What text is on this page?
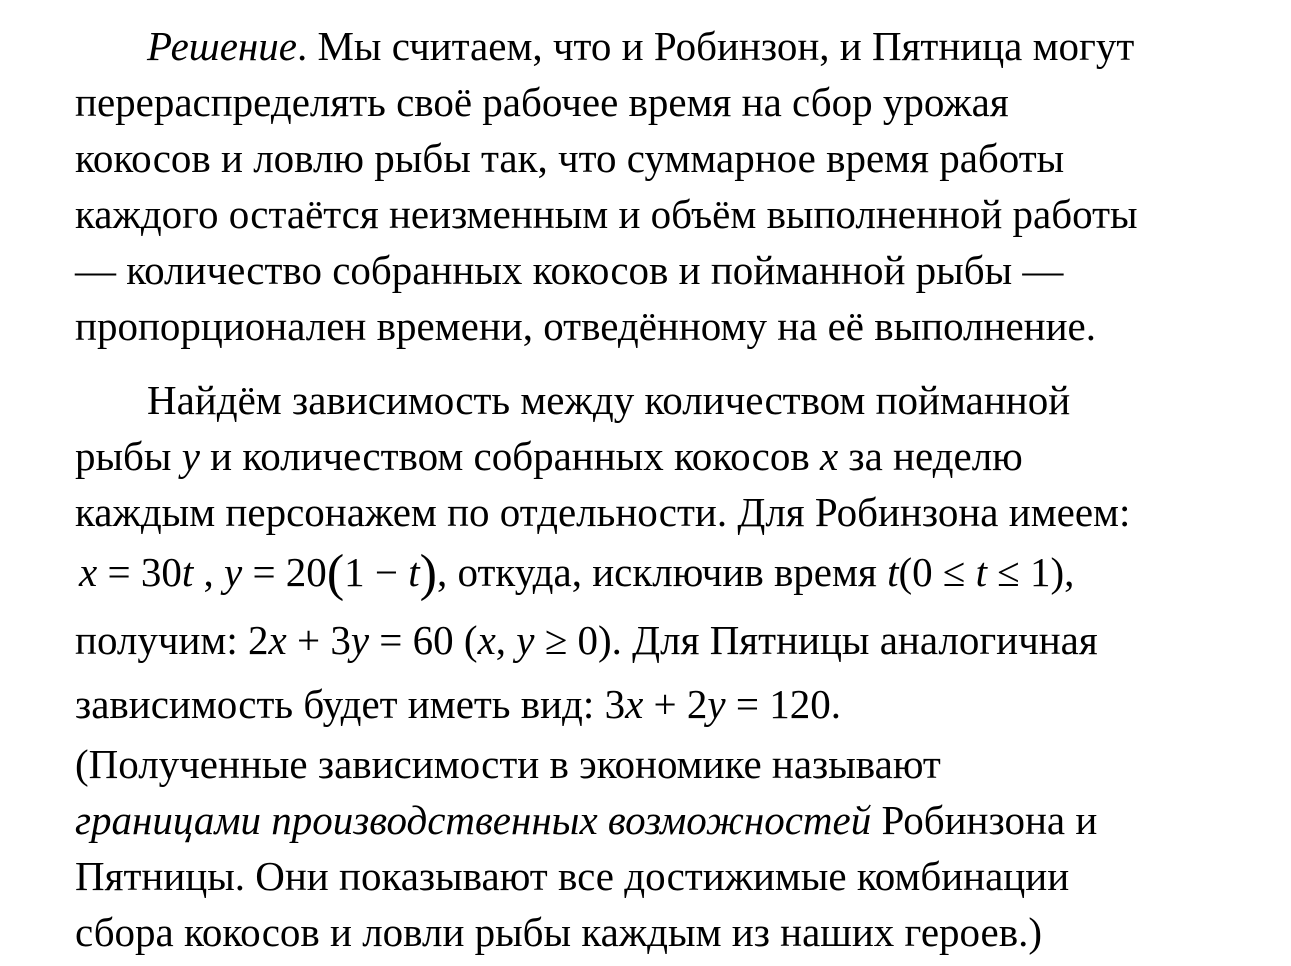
Решение. Мы считаем, что и Робинзон, и Пятница могут
перераспределять своё рабочее время на сбор урожая
кокосов и ловлю рыбы так, что суммарное время работы
каждого остаётся неизменным и объём выполненной работы
— количество собранных кокосов и пойманной рыбы —
пропорционален времени, отведённому на её выполнение.
Найдём зависимость между количеством пойманной
рыбы y и количеством собранных кокосов x за неделю
каждым персонажем по отдельности. Для Робинзона имеем:
x = 30t , y = 20(1 − t), откуда, исключив время t(0 ≤ t ≤ 1),
получим: 2x + 3y = 60 (x, y ≥ 0). Для Пятницы аналогичная
зависимость будет иметь вид: 3x + 2y = 120.
(Полученные зависимости в экономике называют
границами производственных возможностей Робинзона и
Пятницы. Они показывают все достижимые комбинации
сбора кокосов и ловли рыбы каждым из наших героев.)
